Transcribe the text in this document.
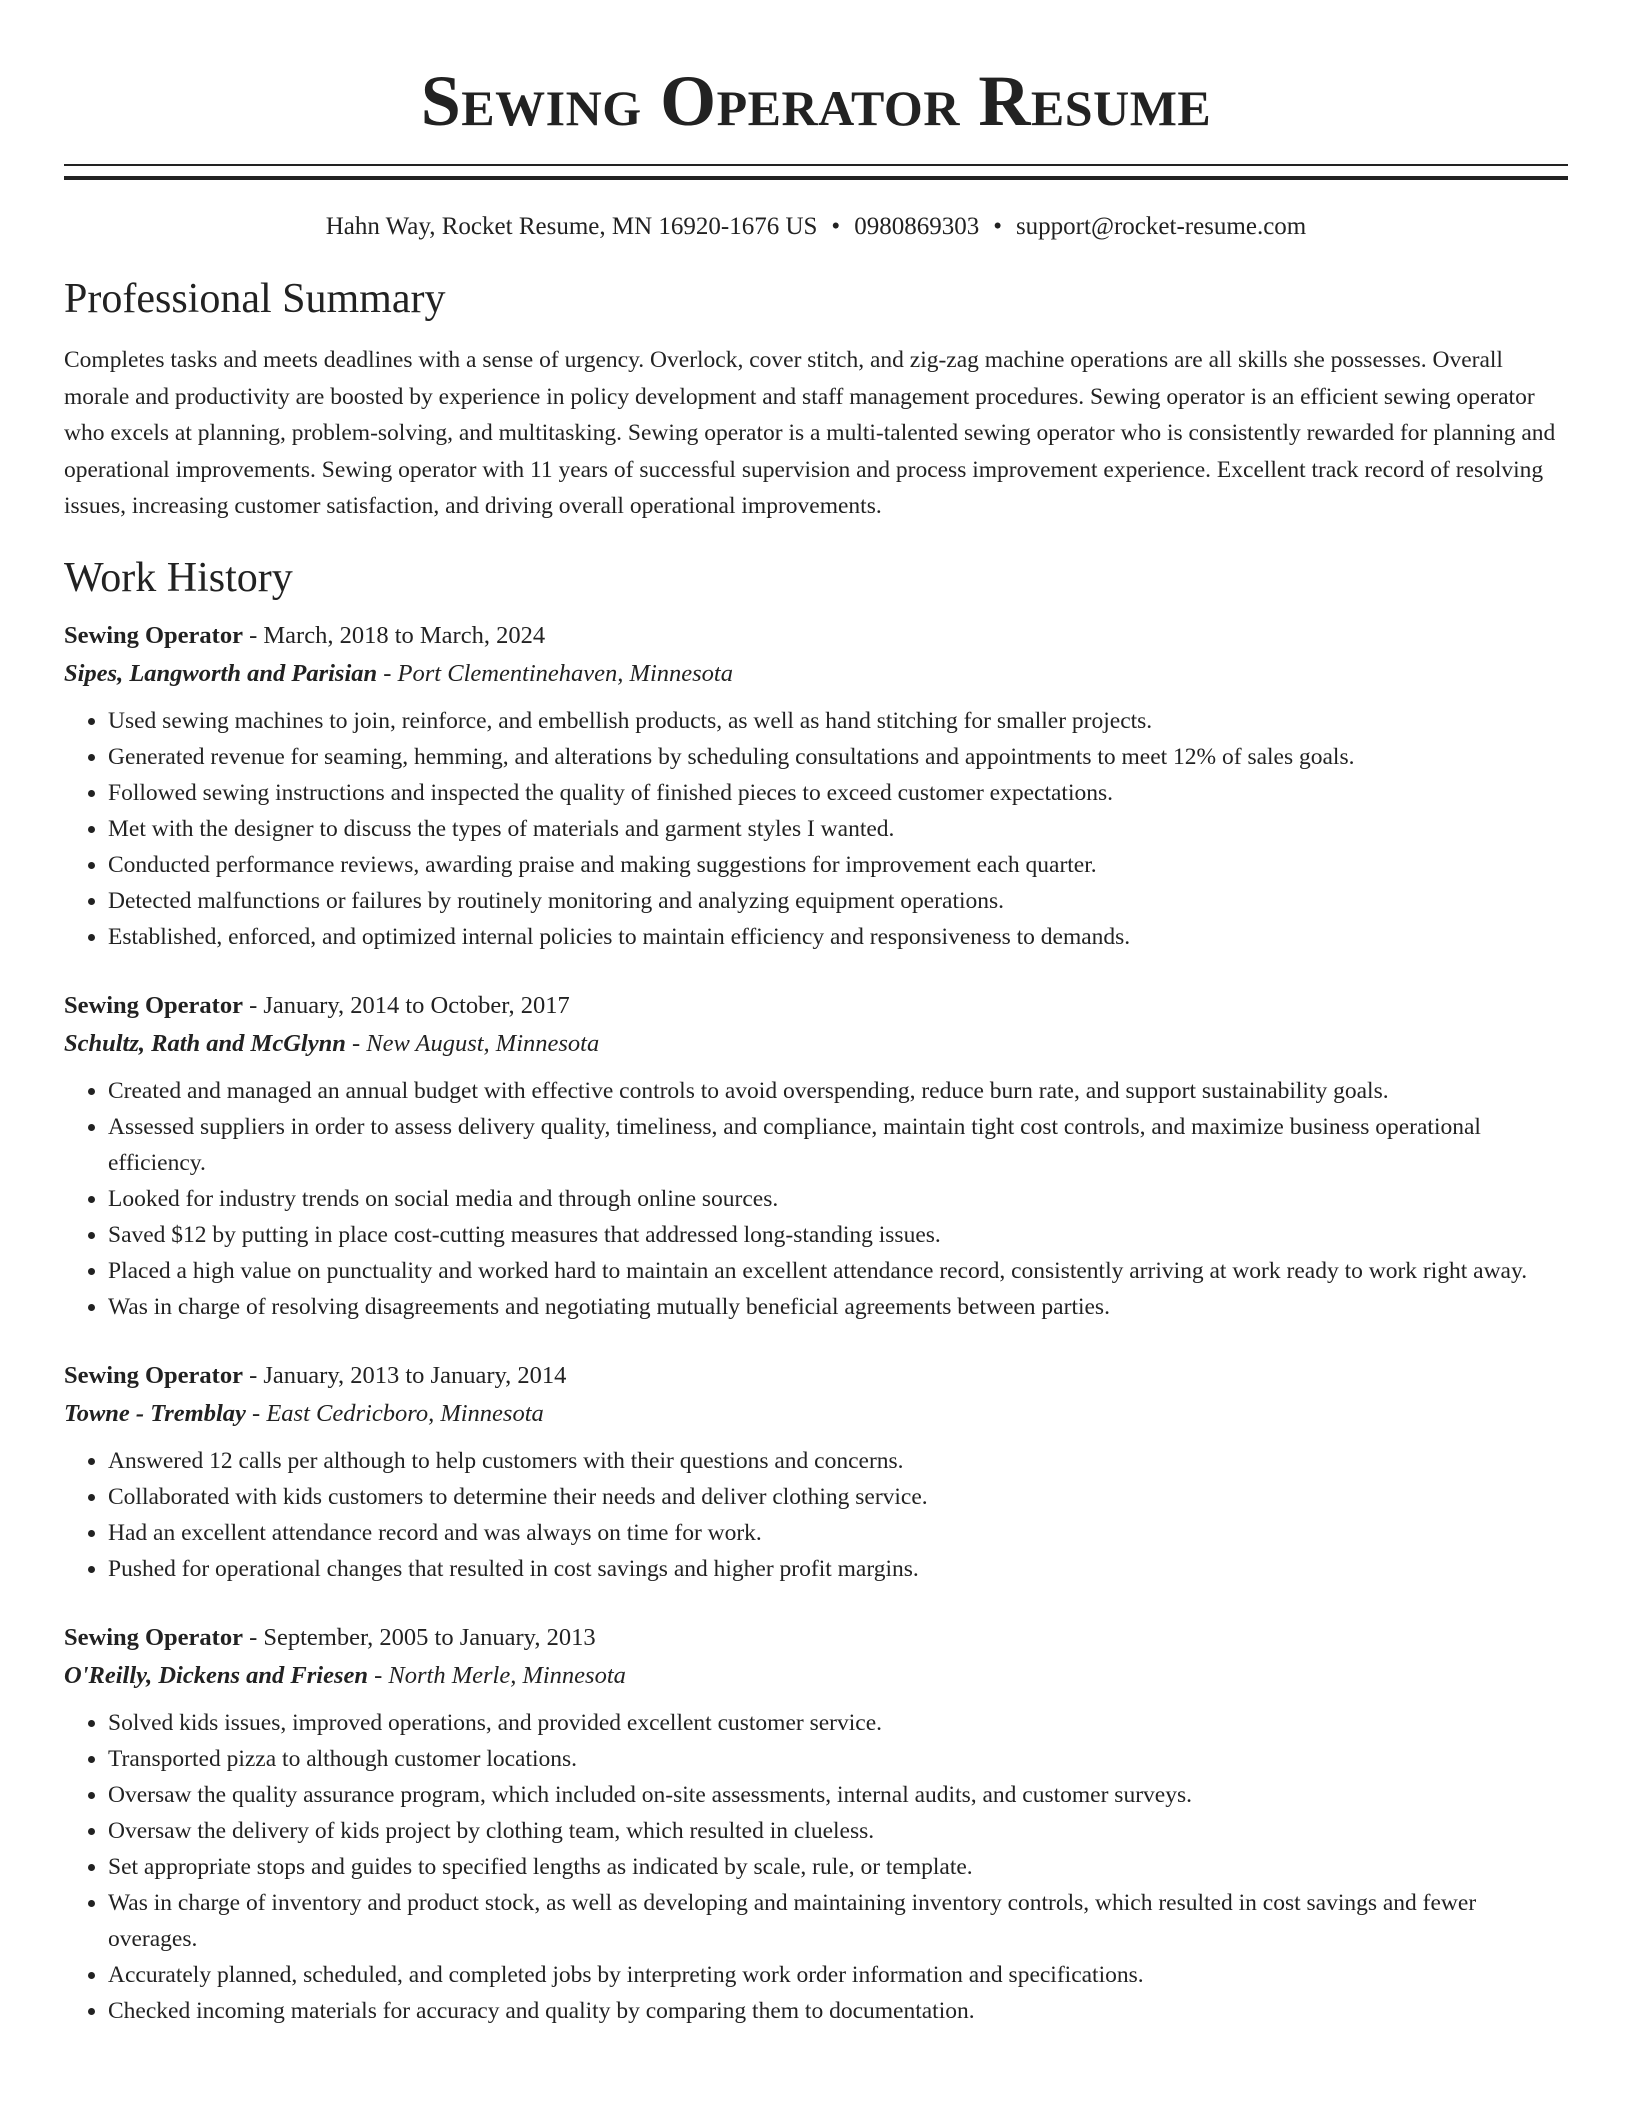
Sewing Operator Resume
Hahn Way, Rocket Resume, MN 16920-1676 US • 0980869303 • support@rocket-resume.com
Professional Summary

Completes tasks and meets deadlines with a sense of urgency. Overlock, cover stitch, and zig-zag machine operations are all skills she possesses. Overall morale and productivity are boosted by experience in policy development and staff management procedures. Sewing operator is an efficient sewing operator who excels at planning, problem-solving, and multitasking. Sewing operator is a multi-talented sewing operator who is consistently rewarded for planning and operational improvements. Sewing operator with 11 years of successful supervision and process improvement experience. Excellent track record of resolving issues, increasing customer satisfaction, and driving overall operational improvements.

Work History
Sewing Operator - March, 2018 to March, 2024
Sipes, Langworth and Parisian - Port Clementinehaven, Minnesota
• Used sewing machines to join, reinforce, and embellish products, as well as hand stitching for smaller projects.
• Generated revenue for seaming, hemming, and alterations by scheduling consultations and appointments to meet 12% of sales goals.
• Followed sewing instructions and inspected the quality of finished pieces to exceed customer expectations.
• Met with the designer to discuss the types of materials and garment styles I wanted.
• Conducted performance reviews, awarding praise and making suggestions for improvement each quarter.
• Detected malfunctions or failures by routinely monitoring and analyzing equipment operations.
• Established, enforced, and optimized internal policies to maintain efficiency and responsiveness to demands.
Sewing Operator - January, 2014 to October, 2017
Schultz, Rath and McGlynn - New August, Minnesota
• Created and managed an annual budget with effective controls to avoid overspending, reduce burn rate, and support sustainability goals.
• Assessed suppliers in order to assess delivery quality, timeliness, and compliance, maintain tight cost controls, and maximize business operational efficiency.
• Looked for industry trends on social media and through online sources.
• Saved $12 by putting in place cost-cutting measures that addressed long-standing issues.
• Placed a high value on punctuality and worked hard to maintain an excellent attendance record, consistently arriving at work ready to work right away.
• Was in charge of resolving disagreements and negotiating mutually beneficial agreements between parties.
Sewing Operator - January, 2013 to January, 2014
Towne - Tremblay - East Cedricboro, Minnesota
• Answered 12 calls per although to help customers with their questions and concerns.
• Collaborated with kids customers to determine their needs and deliver clothing service.
• Had an excellent attendance record and was always on time for work.
• Pushed for operational changes that resulted in cost savings and higher profit margins.
Sewing Operator - September, 2005 to January, 2013
O'Reilly, Dickens and Friesen - North Merle, Minnesota
• Solved kids issues, improved operations, and provided excellent customer service.
• Transported pizza to although customer locations.
• Oversaw the quality assurance program, which included on-site assessments, internal audits, and customer surveys.
• Oversaw the delivery of kids project by clothing team, which resulted in clueless.
• Set appropriate stops and guides to specified lengths as indicated by scale, rule, or template.
• Was in charge of inventory and product stock, as well as developing and maintaining inventory controls, which resulted in cost savings and fewer overages.
• Accurately planned, scheduled, and completed jobs by interpreting work order information and specifications.
• Checked incoming materials for accuracy and quality by comparing them to documentation.
